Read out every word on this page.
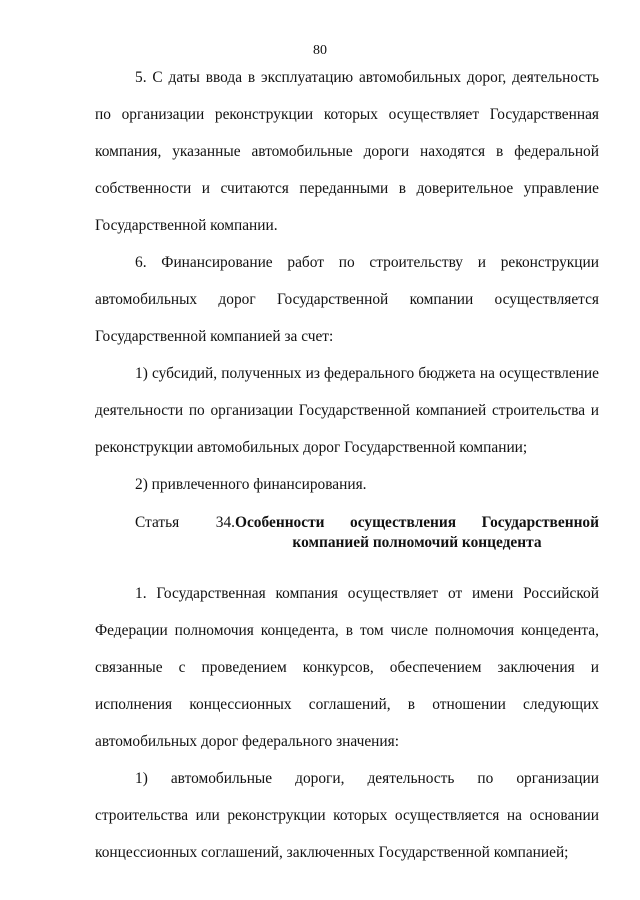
80

5. С даты ввода в эксплуатацию автомобильных дорог, деятельность по организации реконструкции которых осуществляет Государственная компания, указанные автомобильные дороги находятся в федеральной собственности и считаются переданными в доверительное управление Государственной компании.

6. Финансирование работ по строительству и реконструкции автомобильных дорог Государственной компании осуществляется Государственной компанией за счет:

1) субсидий, полученных из федерального бюджета на осуществление деятельности по организации Государственной компанией строительства и реконструкции автомобильных дорог Государственной компании;

2) привлеченного финансирования.

Статья 34. Особенности осуществления Государственной компанией полномочий концедента

1. Государственная компания осуществляет от имени Российской Федерации полномочия концедента, в том числе полномочия концедента, связанные с проведением конкурсов, обеспечением заключения и исполнения концессионных соглашений, в отношении следующих автомобильных дорог федерального значения:

1) автомобильные дороги, деятельность по организации строительства или реконструкции которых осуществляется на основании концессионных соглашений, заключенных Государственной компанией;
